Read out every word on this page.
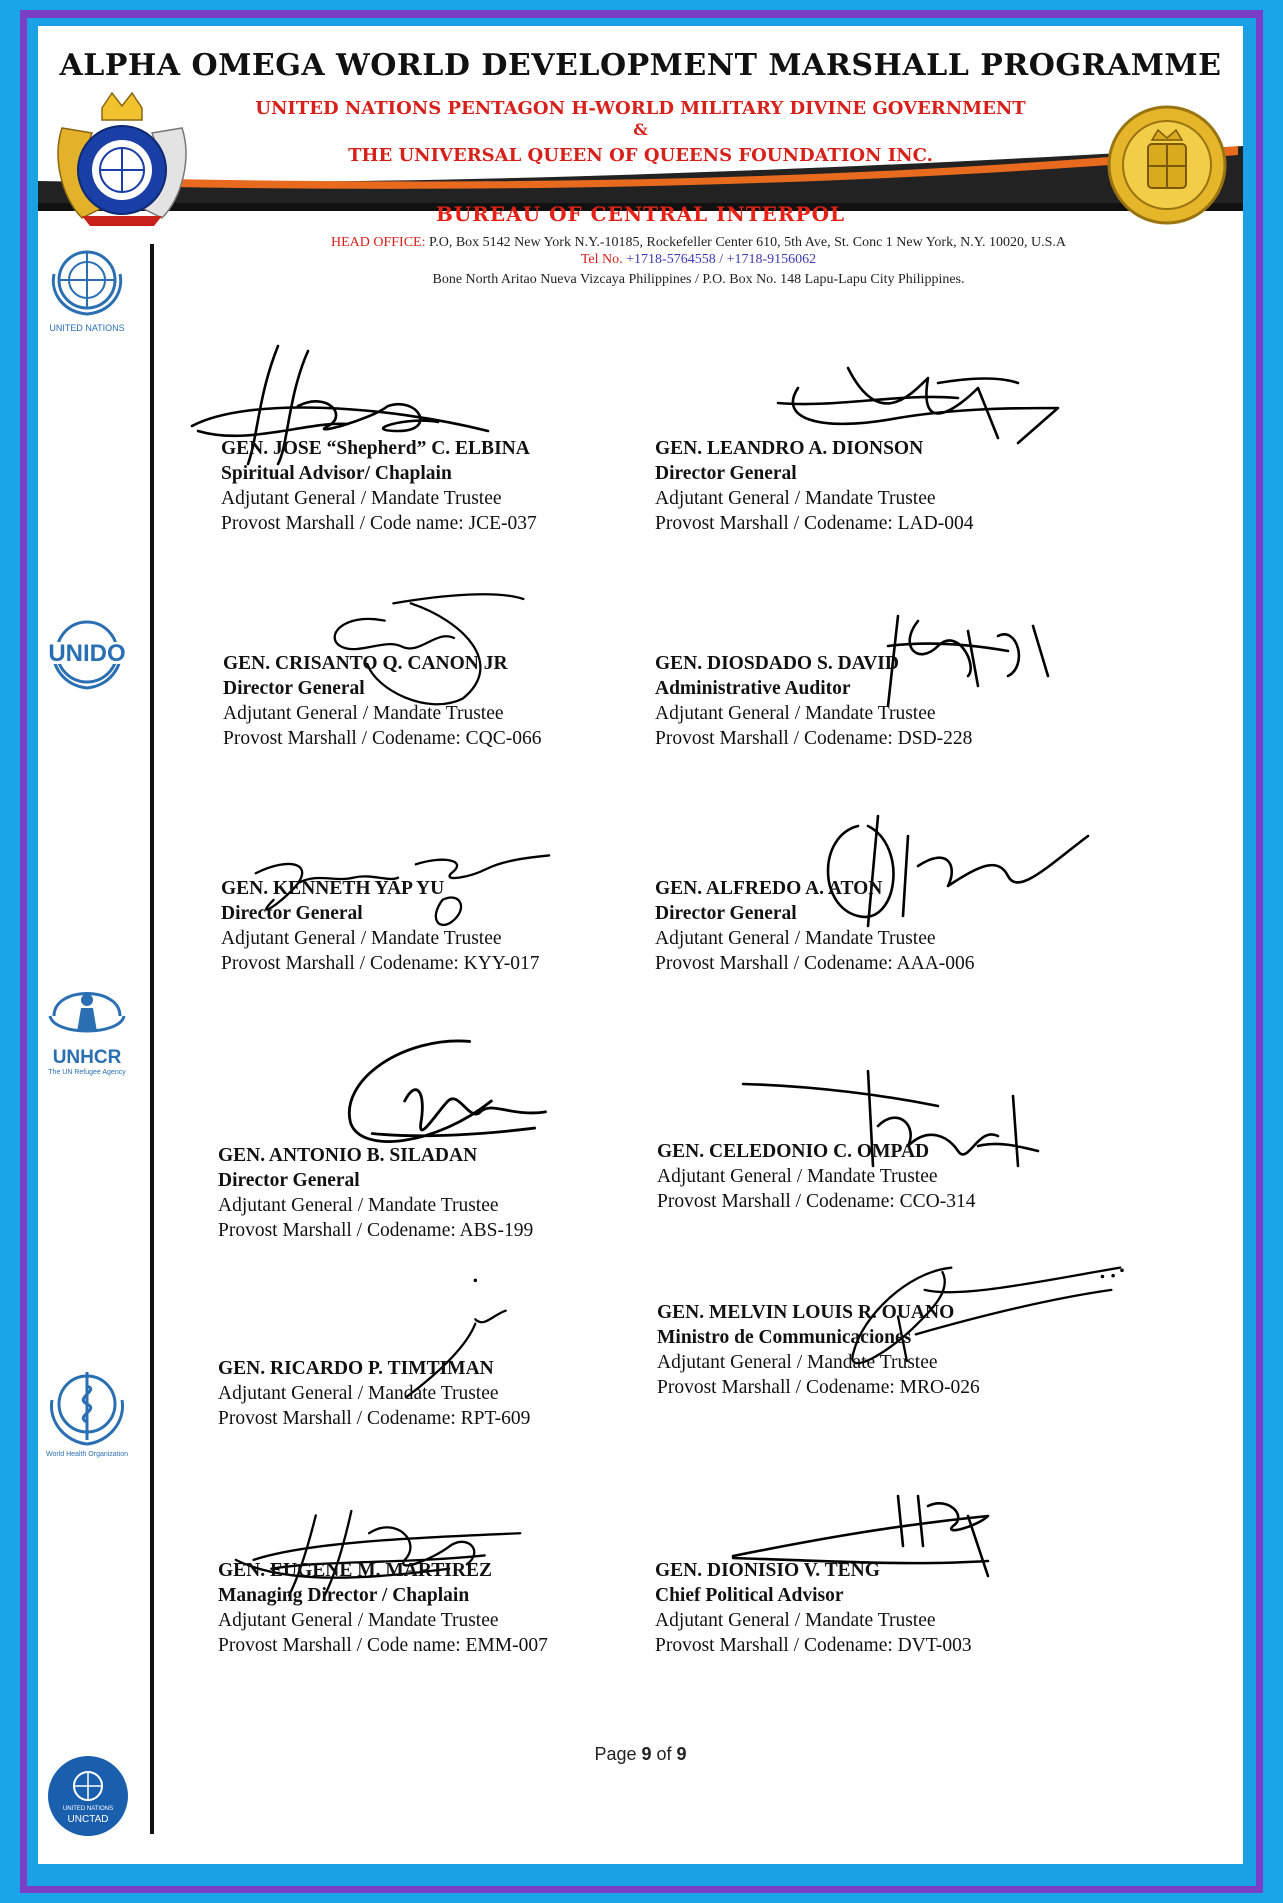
ALPHA OMEGA WORLD DEVELOPMENT MARSHALL PROGRAMME
UNITED NATIONS PENTAGON H-WORLD MILITARY DIVINE GOVERNMENT
&
THE UNIVERSAL QUEEN OF QUEENS FOUNDATION INC.
BUREAU OF CENTRAL INTERPOL
HEAD OFFICE: P.O, Box 5142 New York N.Y.-10185, Rockefeller Center 610, 5th Ave, St. Conc 1 New York, N.Y. 10020, U.S.A
Tel No. +1718-5764558 / +1718-9156062
Bone North Aritao Nueva Vizcaya Philippines / P.O. Box No. 148 Lapu-Lapu City Philippines.
UNITED NATIONS
UNIDO
UNHCR
The UN Refugee Agency
World Health Organization
UNITED NATIONS
UNCTAD
GEN. JOSE “Shepherd” C. ELBINA
Spiritual Advisor/ Chaplain
Adjutant General / Mandate Trustee
Provost Marshall / Code name: JCE-037
GEN. CRISANTO Q. CANON JR
Director General
Adjutant General / Mandate Trustee
Provost Marshall / Codename: CQC-066
GEN. KENNETH YAP YU
Director General
Adjutant General / Mandate Trustee
Provost Marshall / Codename: KYY-017
GEN. ANTONIO B. SILADAN
Director General
Adjutant General / Mandate Trustee
Provost Marshall / Codename: ABS-199
GEN. RICARDO P. TIMTIMAN
Adjutant General / Mandate Trustee
Provost Marshall / Codename: RPT-609
GEN. EUGENE M. MARTIREZ
Managing Director / Chaplain
Adjutant General / Mandate Trustee
Provost Marshall / Code name: EMM-007
GEN. LEANDRO A. DIONSON
Director General
Adjutant General / Mandate Trustee
Provost Marshall / Codename: LAD-004
GEN. DIOSDADO S. DAVID
Administrative Auditor
Adjutant General / Mandate Trustee
Provost Marshall / Codename: DSD-228
GEN. ALFREDO A. ATON
Director General
Adjutant General / Mandate Trustee
Provost Marshall / Codename: AAA-006
GEN. CELEDONIO C. OMPAD
Adjutant General / Mandate Trustee
Provost Marshall / Codename: CCO-314
GEN. MELVIN LOUIS R. OUANO
Ministro de Communicaciones
Adjutant General / Mandate Trustee
Provost Marshall / Codename: MRO-026
GEN. DIONISIO V. TENG
Chief Political Advisor
Adjutant General / Mandate Trustee
Provost Marshall / Codename: DVT-003
Page 9 of 9
